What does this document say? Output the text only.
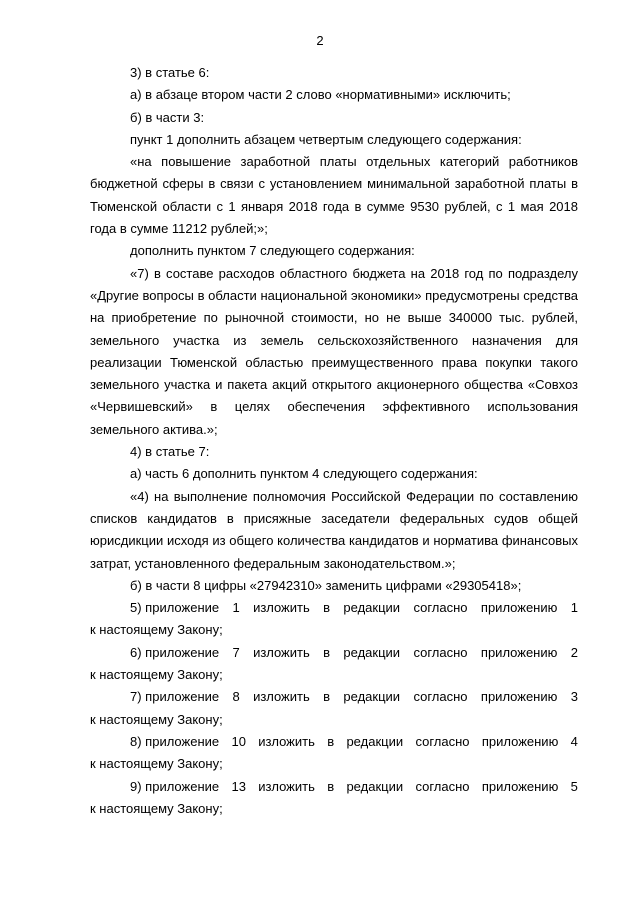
2

3) в статье 6:

а) в абзаце втором части 2 слово «нормативными» исключить;

б) в части 3:

пункт 1 дополнить абзацем четвертым следующего содержания:

«на повышение заработной платы отдельных категорий работников бюджетной сферы в связи с установлением минимальной заработной платы в Тюменской области с 1 января 2018 года в сумме 9530 рублей, с 1 мая 2018 года в сумме 11212 рублей;»;

дополнить пунктом 7 следующего содержания:

«7) в составе расходов областного бюджета на 2018 год по подразделу «Другие вопросы в области национальной экономики» предусмотрены средства на приобретение по рыночной стоимости, но не выше 340000 тыс. рублей, земельного участка из земель сельскохозяйственного назначения для реализации Тюменской областью преимущественного права покупки такого земельного участка и пакета акций открытого акционерного общества «Совхоз «Червишевский» в целях обеспечения эффективного использования земельного актива.»;

4) в статье 7:

а) часть 6 дополнить пунктом 4 следующего содержания:

«4) на выполнение полномочия Российской Федерации по составлению списков кандидатов в присяжные заседатели федеральных судов общей юрисдикции исходя из общего количества кандидатов и норматива финансовых затрат, установленного федеральным законодательством.»;

б) в части 8 цифры «27942310» заменить цифрами «29305418»;

5) приложение 1 изложить в редакции согласно приложению 1

к настоящему Закону;

6) приложение 7 изложить в редакции согласно приложению 2

к настоящему Закону;

7) приложение 8 изложить в редакции согласно приложению 3

к настоящему Закону;

8) приложение 10 изложить в редакции согласно приложению 4

к настоящему Закону;

9) приложение 13 изложить в редакции согласно приложению 5

к настоящему Закону;
